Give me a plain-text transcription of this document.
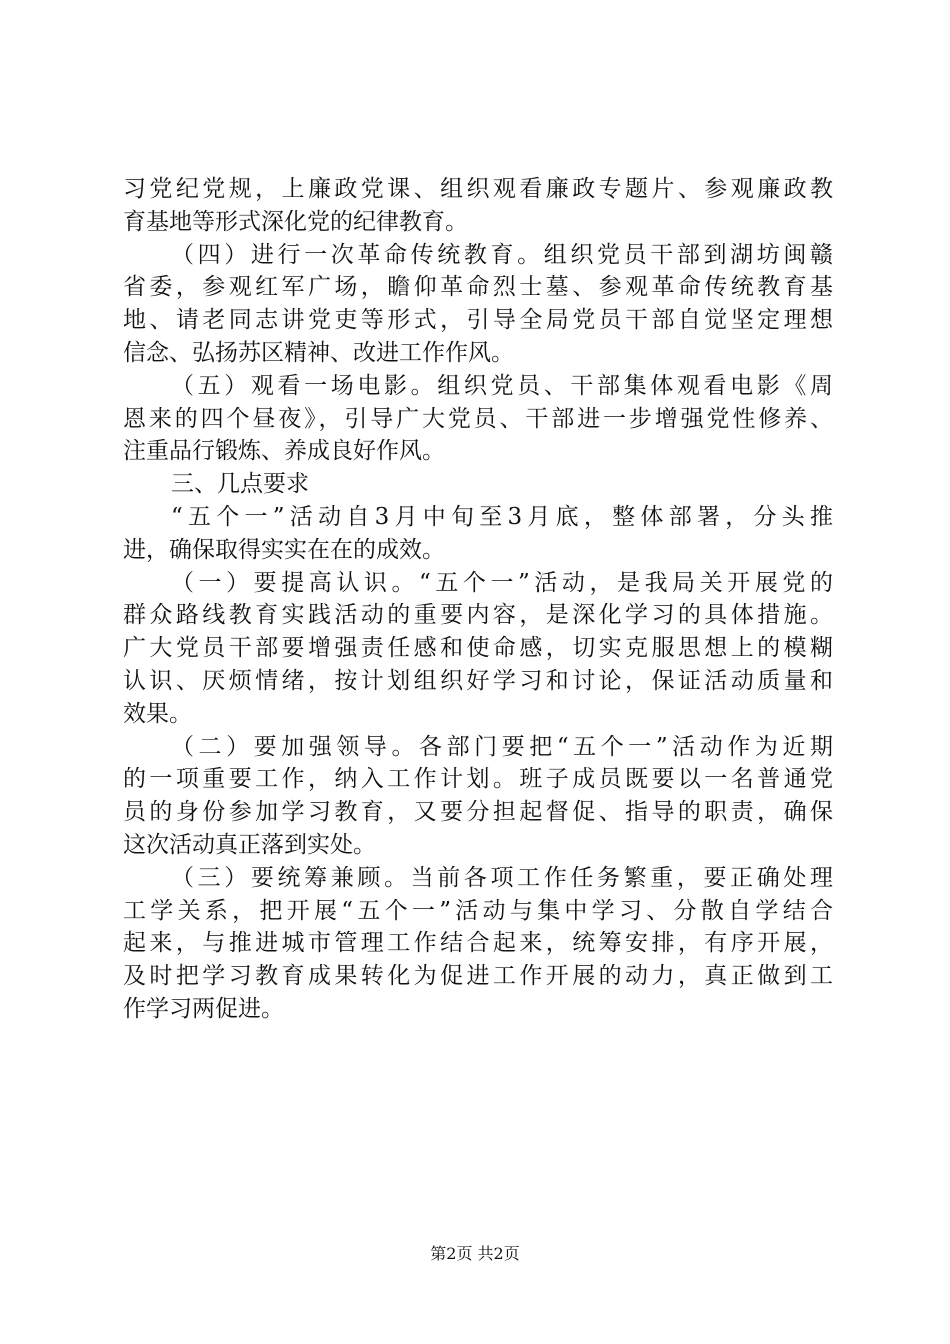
习党纪党规，上廉政党课、组织观看廉政专题片、参观廉政教
育基地等形式深化党的纪律教育。
（四）进行一次革命传统教育。组织党员干部到湖坊闽赣
省委，参观红军广场，瞻仰革命烈士墓、参观革命传统教育基
地、请老同志讲党吏等形式，引导全局党员干部自觉坚定理想
信念、弘扬苏区精神、改进工作作风。
（五）观看一场电影。组织党员、干部集体观看电影《周
恩来的四个昼夜》，引导广大党员、干部进一步增强党性修养、
注重品行锻炼、养成良好作风。
三、几点要求
“五个一”活动自3月中旬至3月底，整体部署，分头推
进，确保取得实实在在的成效。
（一）要提高认识。“五个一”活动，是我局关开展党的
群众路线教育实践活动的重要内容，是深化学习的具体措施。
广大党员干部要增强责任感和使命感，切实克服思想上的模糊
认识、厌烦情绪，按计划组织好学习和讨论，保证活动质量和
效果。
（二）要加强领导。各部门要把“五个一”活动作为近期
的一项重要工作，纳入工作计划。班子成员既要以一名普通党
员的身份参加学习教育，又要分担起督促、指导的职责，确保
这次活动真正落到实处。
（三）要统筹兼顾。当前各项工作任务繁重，要正确处理
工学关系，把开展“五个一”活动与集中学习、分散自学结合
起来，与推进城市管理工作结合起来，统筹安排，有序开展，
及时把学习教育成果转化为促进工作开展的动力，真正做到工
作学习两促进。
第2页 共2页
